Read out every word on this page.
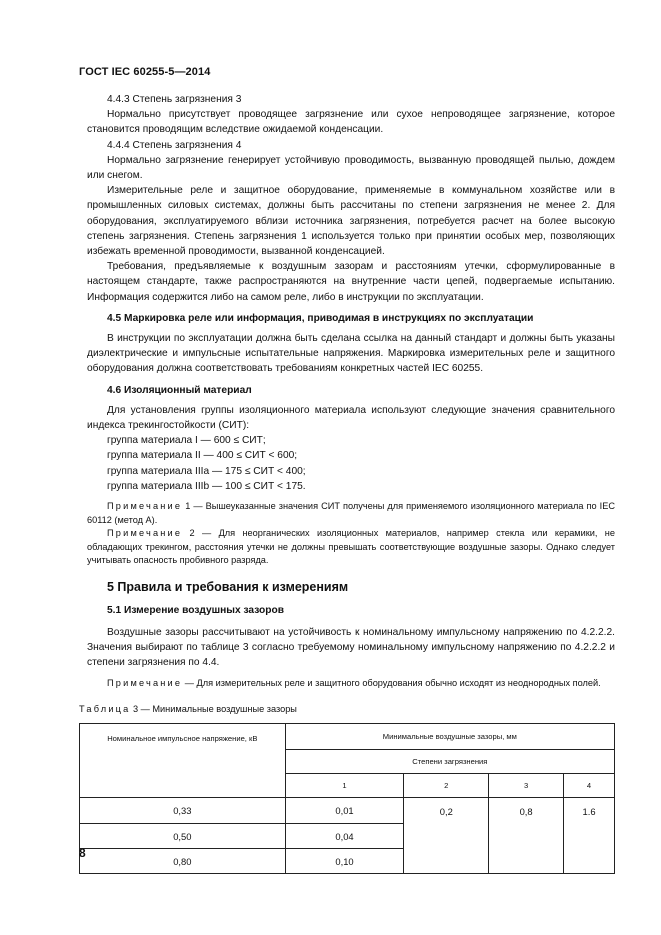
ГОСТ IEC 60255-5—2014

4.4.3 Степень загрязнения 3

Нормально присутствует проводящее загрязнение или сухое непроводящее загрязнение, которое становится проводящим вследствие ожидаемой конденсации.

4.4.4 Степень загрязнения 4

Нормально загрязнение генерирует устойчивую проводимость, вызванную проводящей пылью, дождем или снегом.

Измерительные реле и защитное оборудование, применяемые в коммунальном хозяйстве или в промышленных силовых системах, должны быть рассчитаны по степени загрязнения не менее 2. Для оборудования, эксплуатируемого вблизи источника загрязнения, потребуется расчет на более высокую степень загрязнения. Степень загрязнения 1 используется только при принятии особых мер, позволяющих избежать временной проводимости, вызванной конденсацией.

Требования, предъявляемые к воздушным зазорам и расстояниям утечки, сформулированные в настоящем стандарте, также распространяются на внутренние части цепей, подвергаемые испытанию. Информация содержится либо на самом реле, либо в инструкции по эксплуатации.

4.5 Маркировка реле или информация, приводимая в инструкциях по эксплуатации

В инструкции по эксплуатации должна быть сделана ссылка на данный стандарт и должны быть указаны диэлектрические и импульсные испытательные напряжения. Маркировка измерительных реле и защитного оборудования должна соответствовать требованиям конкретных частей IEC 60255.

4.6 Изоляционный материал

Для установления группы изоляционного материала используют следующие значения сравнительного индекса трекингостойкости (СИТ):

группа материала I — 600 ≤ СИТ;

группа материала II — 400 ≤ СИТ < 600;

группа материала IIIa — 175 ≤ СИТ < 400;

группа материала IIIb — 100 ≤ СИТ < 175.

Примечание 1 — Вышеуказанные значения СИТ получены для применяемого изоляционного материала по IEC 60112 (метод А).

Примечание 2 — Для неорганических изоляционных материалов, например стекла или керамики, не обладающих трекингом, расстояния утечки не должны превышать соответствующие воздушные зазоры. Однако следует учитывать опасность пробивного разряда.

5 Правила и требования к измерениям

5.1 Измерение воздушных зазоров

Воздушные зазоры рассчитывают на устойчивость к номинальному импульсному напряжению по 4.2.2.2. Значения выбирают по таблице 3 согласно требуемому номинальному импульсному напряжению по 4.2.2.2 и степени загрязнения по 4.4.

Примечание — Для измерительных реле и защитного оборудования обычно исходят из неоднородных полей.

Таблица 3 — Минимальные воздушные зазоры

Номинальное импульсное напряжение, кВ	Минимальные воздушные зазоры, мм			
	Степени загрязнения			
	1	2	3	4
0,33	0,01	0,2	0,8	1.6
0,50	0,04			
0,80	0,10			
8
